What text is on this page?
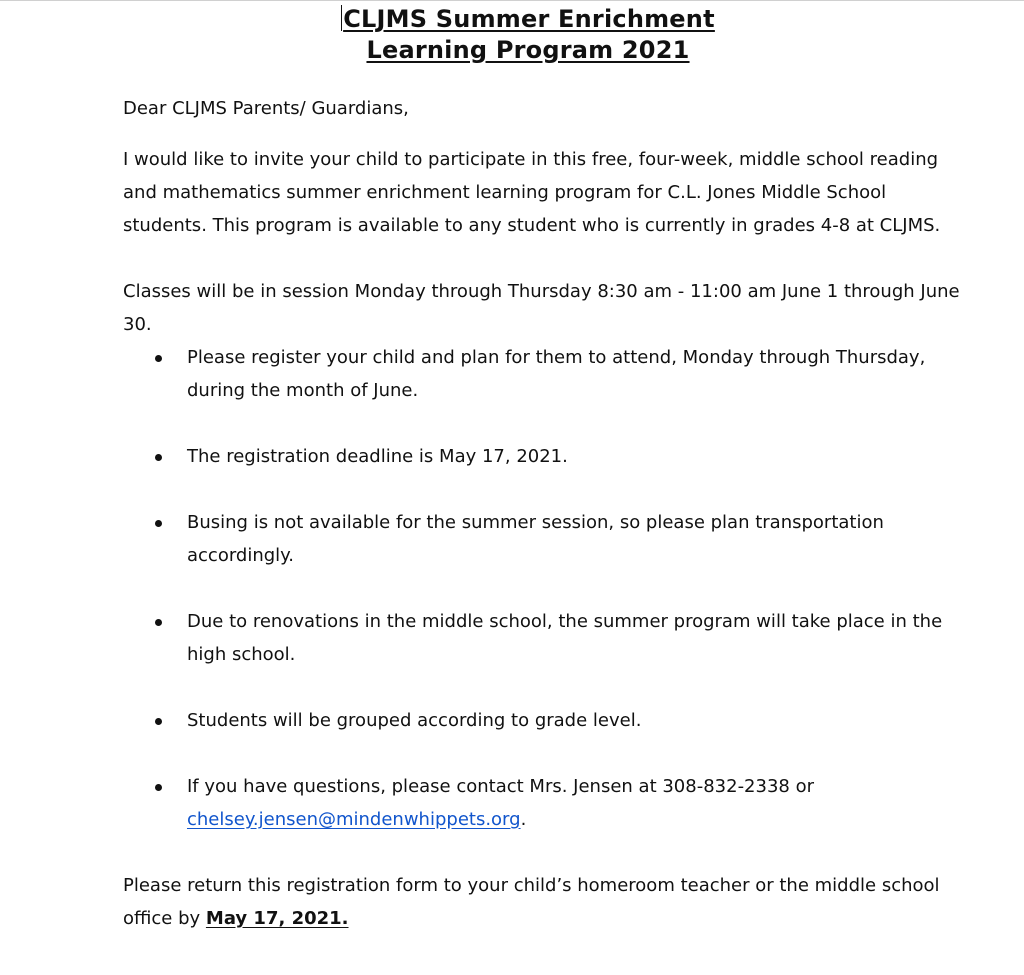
CLJMS Summer Enrichment
Learning Program 2021

Dear CLJMS Parents/ Guardians,

I would like to invite your child to participate in this free, four-week, middle school reading and mathematics summer enrichment learning program for C.L. Jones Middle School students. This program is available to any student who is currently in grades 4-8 at CLJMS.

Classes will be in session Monday through Thursday 8:30 am - 11:00 am June 1 through June 30.

Please register your child and plan for them to attend, Monday through Thursday, during the month of June.
The registration deadline is May 17, 2021.
Busing is not available for the summer session, so please plan transportation accordingly.
Due to renovations in the middle school, the summer program will take place in the high school.
Students will be grouped according to grade level.
If you have questions, please contact Mrs. Jensen at 308-832-2338 or
chelsey.jensen@mindenwhippets.org.

Please return this registration form to your child’s homeroom teacher or the middle school office by May 17, 2021.
